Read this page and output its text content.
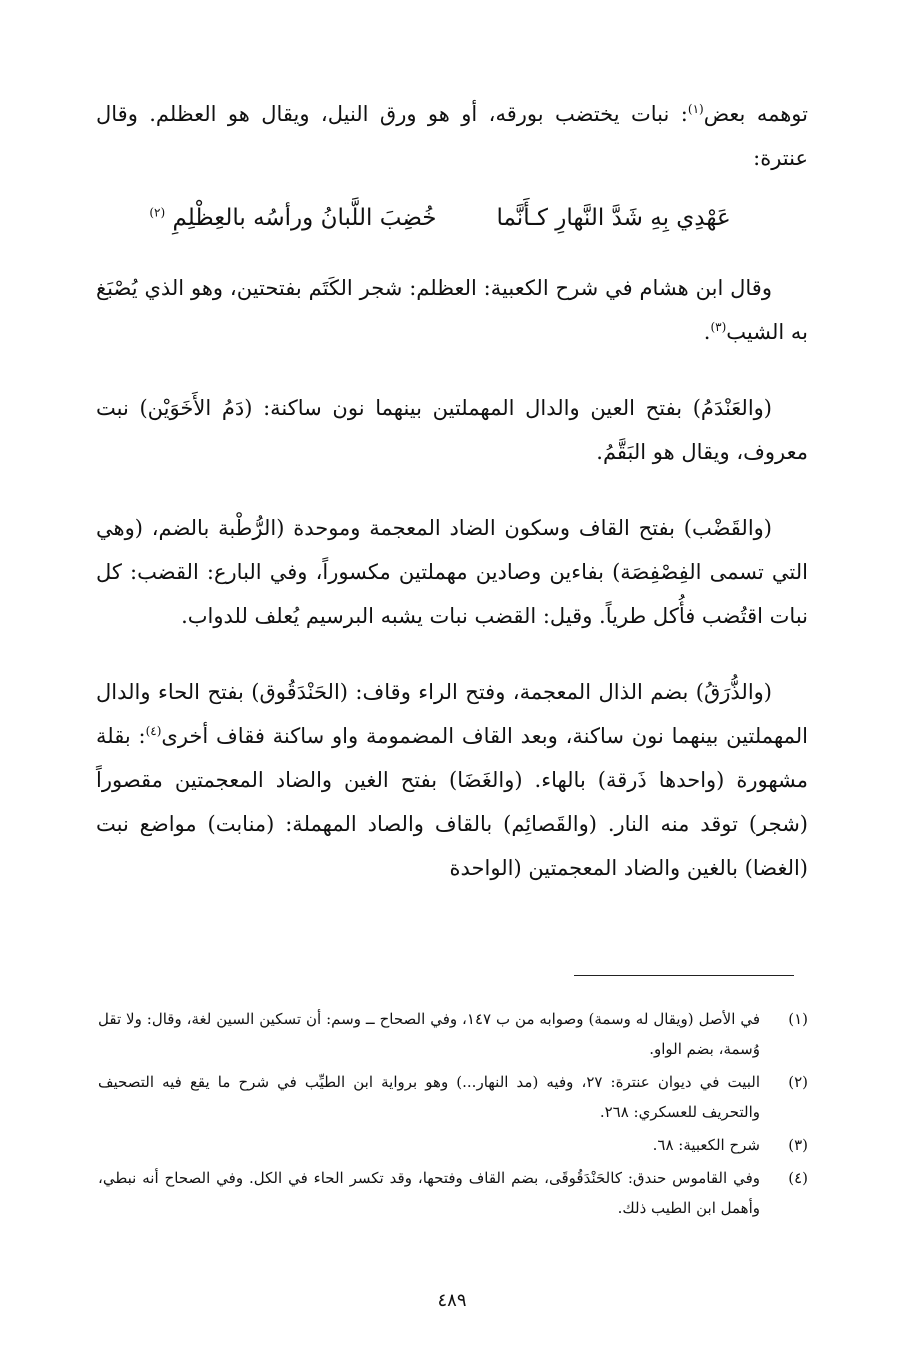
توهمه بعض$^{(١)}$: نبات يختضب بورقه، أو هو ورق النيل، ويقال هو العظلم. وقال عنترة:

عَهْدِي بِهِ شَدَّ النَّهارِ كـأَنَّما
خُضِبَ اللَّبانُ ورأسُه بالعِظْلِمِ $^{(٢)}$

وقال ابن هشام في شرح الكعبية: العظلم: شجر الكَتَم بفتحتين، وهو الذي يُصْبَغ به الشيب$^{(٣)}$.

(والعَنْدَمُ) بفتح العين والدال المهملتين بينهما نون ساكنة: (دَمُ الأَخَوَيْن) نبت معروف، ويقال هو البَقَّمُ.

(والقَضْب) بفتح القاف وسكون الضاد المعجمة وموحدة (الرُّطْبة بالضم، (وهي التي تسمى الفِصْفِصَة) بفاءين وصادين مهملتين مكسوراً، وفي البارع: القضب: كل نبات اقتُضب فأُكل طرياً. وقيل: القضب نبات يشبه البرسيم يُعلف للدواب.

(والذُّرَقُ) بضم الذال المعجمة، وفتح الراء وقاف: (الحَنْدَقُوق) بفتح الحاء والدال المهملتين بينهما نون ساكنة، وبعد القاف المضمومة واو ساكنة فقاف أخرى$^{(٤)}$: بقلة مشهورة (واحدها ذَرقة) بالهاء. (والغَضَا) بفتح الغين والضاد المعجمتين مقصوراً (شجر) توقد منه النار. (والقَصائِم) بالقاف والصاد المهملة: (منابت) مواضع نبت (الغضا) بالغين والضاد المعجمتين (الواحدة

(١)
في الأصل (ويقال له وسمة) وصوابه من ب ١٤٧، وفي الصحاح ــ وسم: أن تسكين السين لغة، وقال: ولا تقل وُسمة، بضم الواو.
(٢)
البيت في ديوان عنترة: ٢٧، وفيه (مد النهار...) وهو برواية ابن الطيِّب في شرح ما يقع فيه التصحيف والتحريف للعسكري: ٢٦٨.
(٣)
شرح الكعبية: ٦٨.
(٤)
وفي القاموس حندق: كالحَنْدَقُوقَى، بضم القاف وفتحها، وقد تكسر الحاء في الكل. وفي الصحاح أنه نبطي، وأهمل ابن الطيب ذلك.
٤٨٩
